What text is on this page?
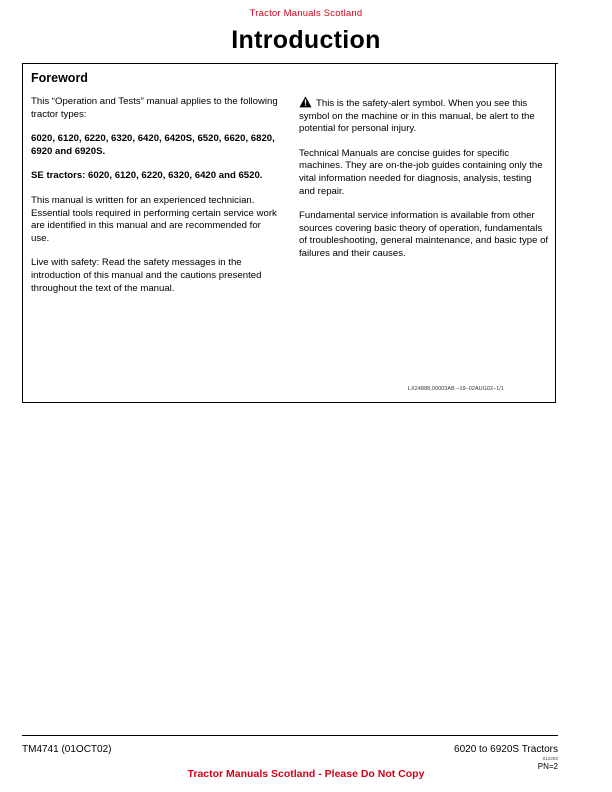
Tractor Manuals Scotland
Introduction
Foreword

This “Operation and Tests” manual applies to the following tractor types:

6020, 6120, 6220, 6320, 6420, 6420S, 6520, 6620, 6820, 6920 and 6920S.

SE tractors: 6020, 6120, 6220, 6320, 6420 and 6520.

This manual is written for an experienced technician. Essential tools required in performing certain service work are identified in this manual and are recommended for use.

Live with safety: Read the safety messages in the introduction of this manual and the cautions presented throughout the text of the manual.

This is the safety-alert symbol. When you see this symbol on the machine or in this manual, be alert to the potential for personal injury.

Technical Manuals are concise guides for specific machines. They are on-the-job guides containing only the vital information needed for diagnosis, analysis, testing and repair.

Fundamental service information is available from other sources covering basic theory of operation, fundamentals of troubleshooting, general maintenance, and basic type of failures and their causes.

LX24888,00003AB –19–02AUG02–1/1
TM4741 (01OCT02)	6020 to 6920S Tractors
012203
PN=2
Tractor Manuals Scotland - Please Do Not Copy
